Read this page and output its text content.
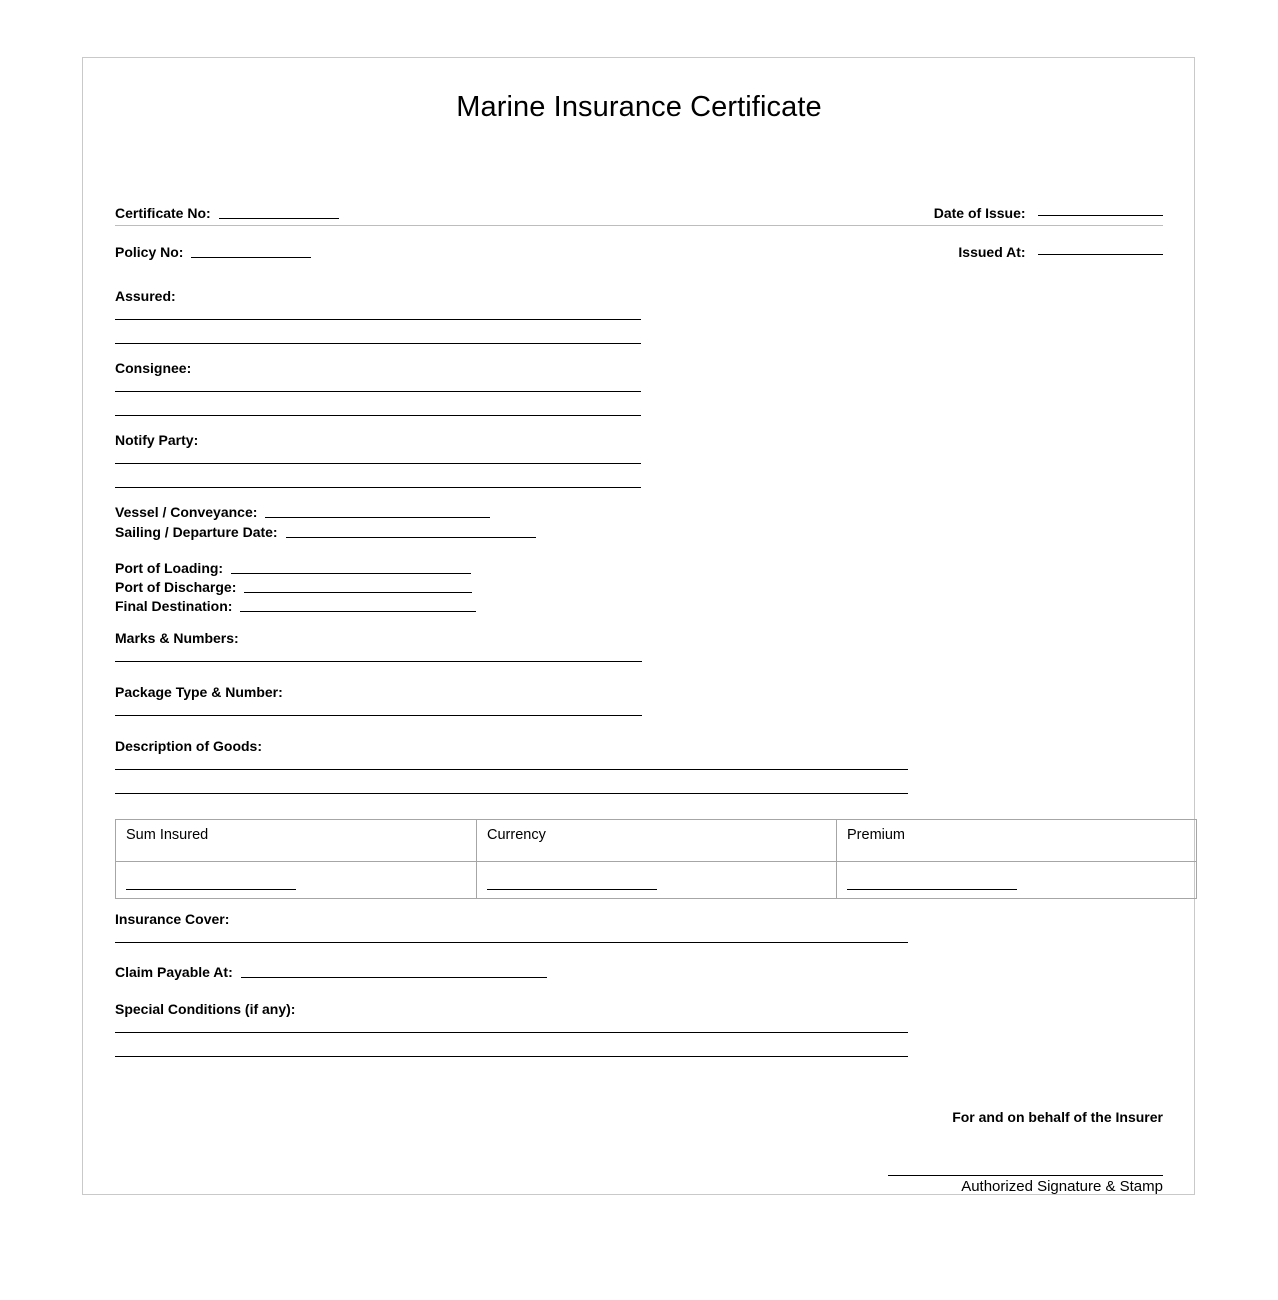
Marine Insurance Certificate
Certificate No:
Policy No:
Date of Issue:
Issued At:
Assured:
Consignee:
Notify Party:
Vessel / Conveyance:
Sailing / Departure Date:
Port of Loading:
Port of Discharge:
Final Destination:
Marks & Numbers:
Package Type & Number:
Description of Goods:
Sum Insured	Currency	Premium

Insurance Cover:
Claim Payable At:
Special Conditions (if any):
For and on behalf of the Insurer
Authorized Signature & Stamp
